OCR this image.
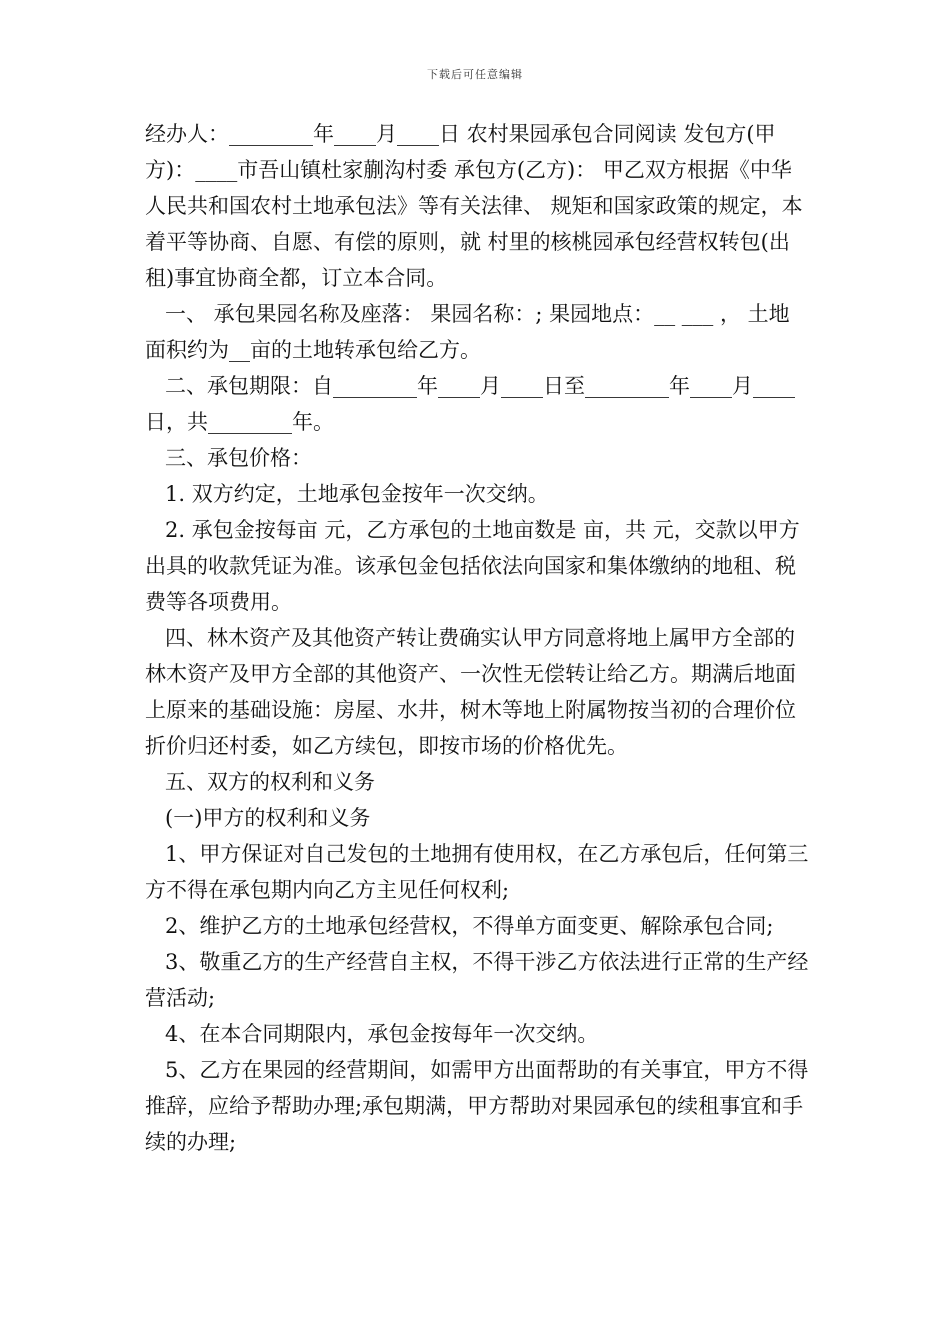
下载后可任意编辑

经办人：________年____月____日 农村果园承包合同阅读 发包方(甲方)：____市吾山镇杜家蒯沟村委 承包方(乙方)： 甲乙双方根据《中华人民共和国农村土地承包法》等有关法律、 规矩和国家政策的规定，本着平等协商、自愿、有偿的原则，就 村里的核桃园承包经营权转包(出租)事宜协商全都，订立本合同。

一、 承包果园名称及座落： 果园名称：; 果园地点：__ ___ ， 土地面积约为__亩的土地转承包给乙方。

二、承包期限：自________年____月____日至________年____月____日，共________年。

三、承包价格：

1. 双方约定，土地承包金按年一次交纳。

2. 承包金按每亩 元，乙方承包的土地亩数是 亩，共 元，交款以甲方出具的收款凭证为准。该承包金包括依法向国家和集体缴纳的地租、税费等各项费用。

四、林木资产及其他资产转让费确实认甲方同意将地上属甲方全部的林木资产及甲方全部的其他资产、一次性无偿转让给乙方。期满后地面上原来的基础设施：房屋、水井，树木等地上附属物按当初的合理价位折价归还村委，如乙方续包，即按市场的价格优先。

五、双方的权利和义务

(一)甲方的权利和义务

1、甲方保证对自己发包的土地拥有使用权，在乙方承包后，任何第三方不得在承包期内向乙方主见任何权利;

2、维护乙方的土地承包经营权，不得单方面变更、解除承包合同;

3、敬重乙方的生产经营自主权，不得干涉乙方依法进行正常的生产经营活动;

4、在本合同期限内，承包金按每年一次交纳。

5、乙方在果园的经营期间，如需甲方出面帮助的有关事宜，甲方不得推辞，应给予帮助办理;承包期满，甲方帮助对果园承包的续租事宜和手续的办理;
